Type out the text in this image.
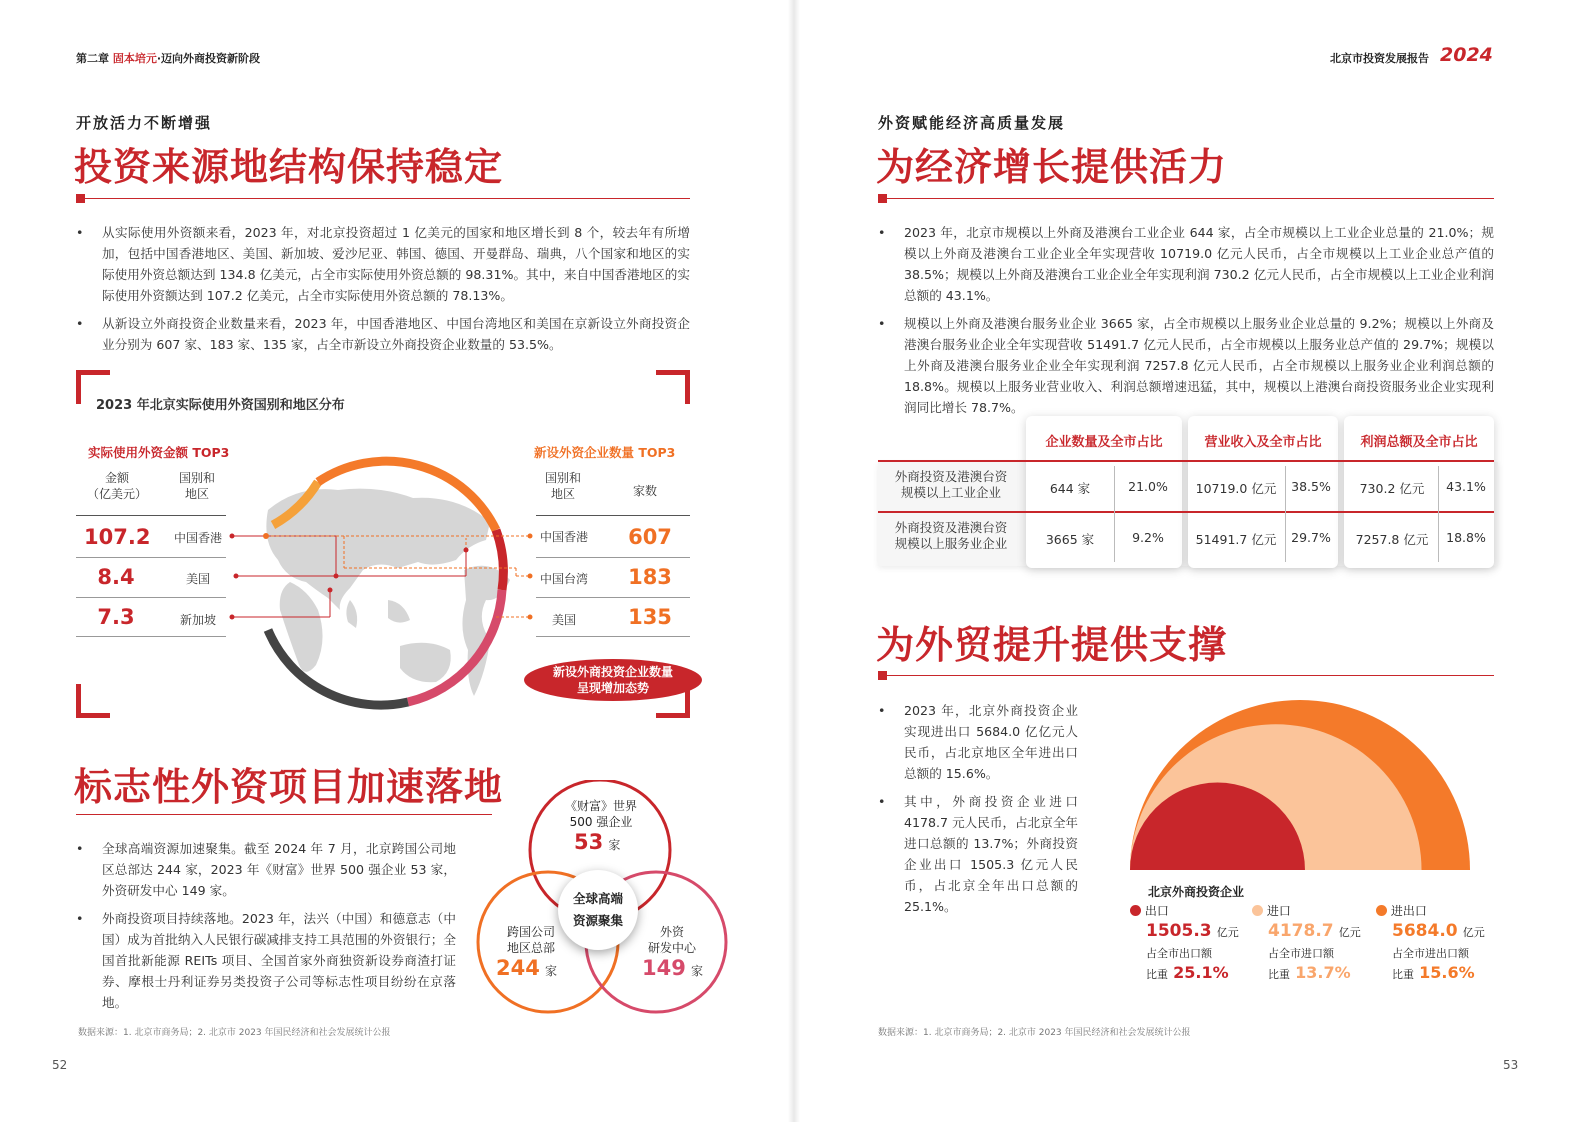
第二章 固本培元·迈向外商投资新阶段
开放活力不断增强
投资来源地结构保持稳定
• 从实际使用外资额来看，2023 年，对北京投资超过 1 亿美元的国家和地区增长到 8 个，较去年有所增加，包括中国香港地区、美国、新加坡、爱沙尼亚、韩国、德国、开曼群岛、瑞典，八个国家和地区的实际使用外资总额达到 134.8 亿美元，占全市实际使用外资总额的 98.31%。其中，来自中国香港地区的实际使用外资额达到 107.2 亿美元，占全市实际使用外资总额的 78.13%。
• 从新设立外商投资企业数量来看，2023 年，中国香港地区、中国台湾地区和美国在京新设立外商投资企业分别为 607 家、183 家、135 家，占全市新设立外商投资企业数量的 53.5%。
2023 年北京实际使用外资国别和地区分布
实际使用外资金额 TOP3
金额
（亿美元）
国别和
地区
107.2	中国香港
8.4	美国
7.3	新加坡
新设外资企业数量 TOP3
国别和
地区	家数
中国香港	607
中国台湾	183
美国	135
新设外商投资企业数量
呈现增加态势
标志性外资项目加速落地
• 全球高端资源加速聚集。截至 2024 年 7 月，北京跨国公司地区总部达 244 家，2023 年《财富》世界 500 强企业 53 家，外资研发中心 149 家。
• 外商投资项目持续落地。2023 年，法兴（中国）和德意志（中国）成为首批纳入人民银行碳减排支持工具范围的外资银行；全国首批新能源 REITs 项目、全国首家外商独资新设券商渣打证券、摩根士丹利证券另类投资子公司等标志性项目纷纷在京落地。
全球高端
资源聚集
《财富》世界
500 强企业
53 家
跨国公司
地区总部
244 家
外资
研发中心
149 家
数据来源：1. 北京市商务局；2. 北京市 2023 年国民经济和社会发展统计公报
52
北京市投资发展报告 2024
外资赋能经济高质量发展
为经济增长提供活力
• 2023 年，北京市规模以上外商及港澳台工业企业 644 家，占全市规模以上工业企业总量的 21.0%；规模以上外商及港澳台工业企业全年实现营收 10719.0 亿元人民币，占全市规模以上工业企业总产值的 38.5%；规模以上外商及港澳台工业企业全年实现利润 730.2 亿元人民币，占全市规模以上工业企业利润总额的 43.1%。
• 规模以上外商及港澳台服务业企业 3665 家，占全市规模以上服务业企业总量的 9.2%；规模以上外商及港澳台服务业企业全年实现营收 51491.7 亿元人民币，占全市规模以上服务业总产值的 29.7%；规模以上外商及港澳台服务业企业全年实现利润 7257.8 亿元人民币，占全市规模以上服务业企业利润总额的 18.8%。规模以上服务业营业收入、利润总额增速迅猛，其中，规模以上港澳台商投资服务业企业实现利润同比增长 78.7%。
企业数量及全市占比	营业收入及全市占比	利润总额及全市占比
外商投资及港澳台资
规模以上工业企业
外商投资及港澳台资
规模以上服务业企业
644 家	21.0%	10719.0 亿元	38.5%	730.2 亿元	43.1%
3665 家	9.2%	51491.7 亿元	29.7%	7257.8 亿元	18.8%
为外贸提升提供支撑
• 2023 年，北京外商投资企业实现进出口 5684.0 亿亿元人民币，占北京地区全年进出口总额的 15.6%。
• 其中，外商投资企业进口 4178.7 元人民币，占北京全年进口总额的 13.7%；外商投资企业出口 1505.3 亿元人民币，占北京全年出口总额的 25.1%。
北京外商投资企业
出口
1505.3 亿元
占全市出口额
比重 25.1%
进口
4178.7 亿元
占全市进口额
比重 13.7%
进出口
5684.0 亿元
占全市进出口额
比重 15.6%
数据来源：1. 北京市商务局；2. 北京市 2023 年国民经济和社会发展统计公报
53
